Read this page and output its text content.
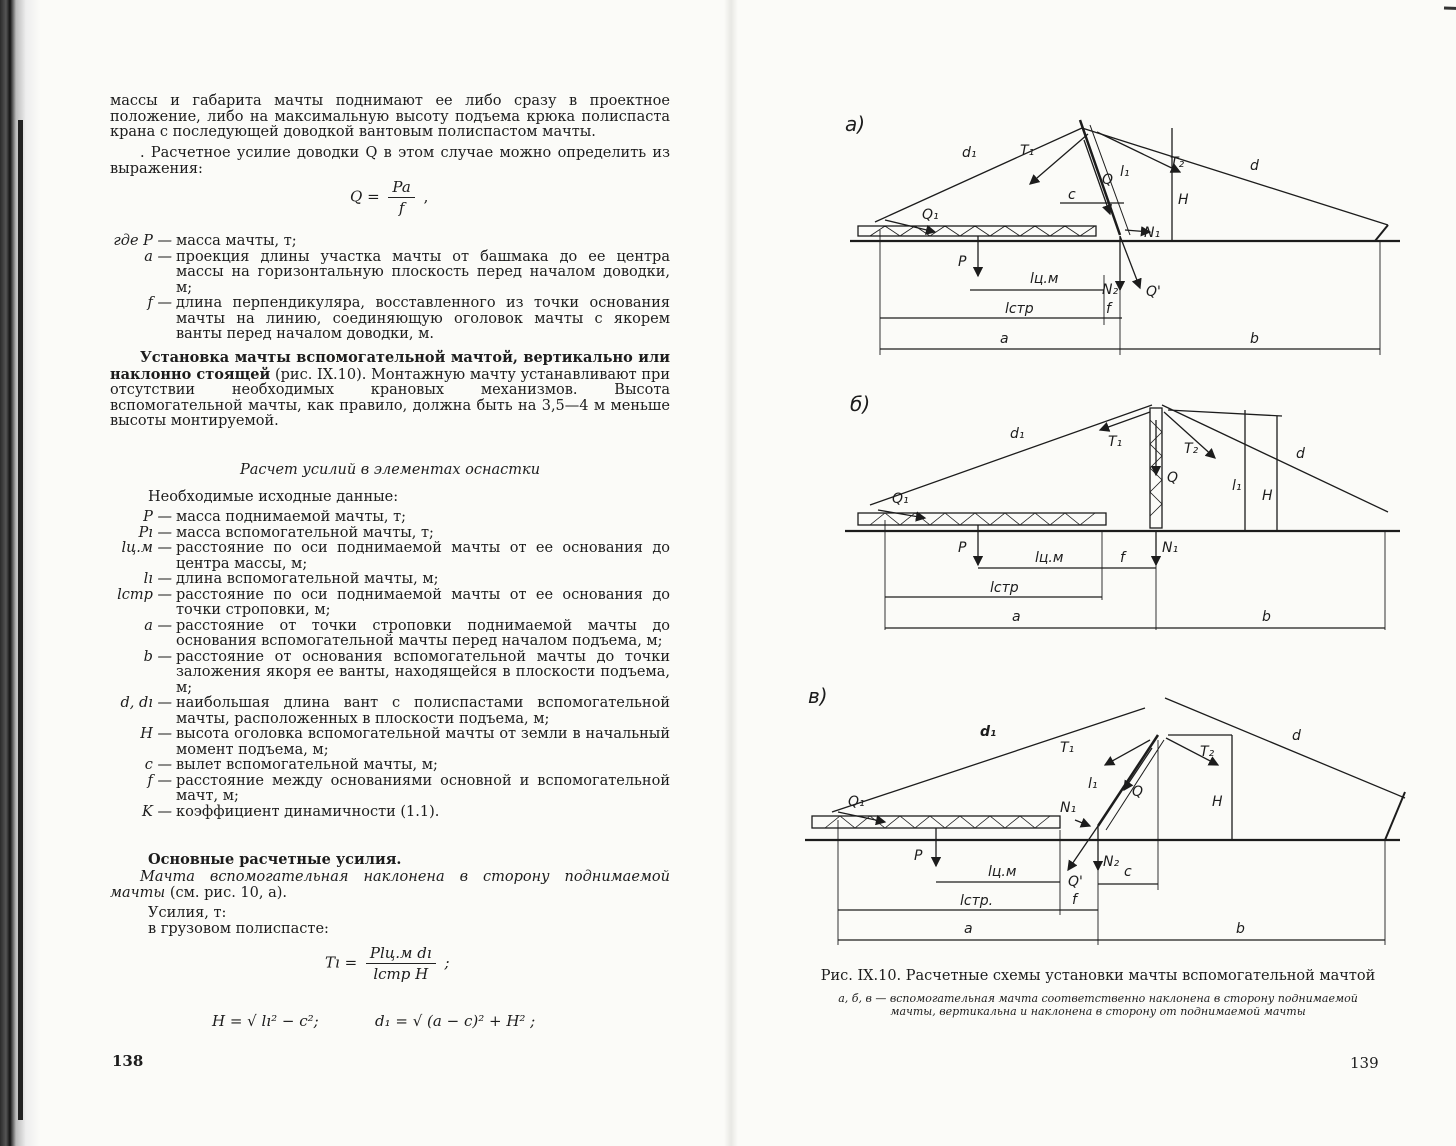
массы и габарита мачты поднимают ее либо сразу в проектное положение, либо на максимальную высоту подъема крюка полиспаста крана с последующей доводкой вантовым полиспастом мачты.
. Расчетное усилие доводки Q в этом случае можно определить из выражения:
$Q = \frac{Pa}{f}$ ,
где P — масса мачты, т;
a — проекция длины участка мачты от башмака до ее центра массы на горизонтальную плоскость перед началом доводки, м;
f — длина перпендикуляра, восставленного из точки основания мачты на линию, соединяющую оголовок мачты с якорем ванты перед началом доводки, м.
Установка мачты вспомогательной мачтой, вертикально или наклонно стоящей (рис. IX.10). Монтажную мачту устанавливают при отсутствии необходимых крановых механизмов. Высота вспомогательной мачты, как правило, должна быть на 3,5—4 м меньше высоты монтируемой.
Расчет усилий в элементах оснастки
Необходимые исходные данные:
P — масса поднимаемой мачты, т;
Pı — масса вспомогательной мачты, т;
lц.м — расстояние по оси поднимаемой мачты от ее основания до центра массы, м;
lı — длина вспомогательной мачты, м;
lстр — расстояние по оси поднимаемой мачты от ее основания до точки строповки, м;
a — расстояние от точки строповки поднимаемой мачты до основания вспомогательной мачты перед началом подъема, м;
b — расстояние от основания вспомогательной мачты до точки заложения якоря ее ванты, находящейся в плоскости подъема, м;
d, dı — наибольшая длина вант с полиспастами вспомогательной мачты, расположенных в плоскости подъема, м;
H — высота оголовка вспомогательной мачты от земли в начальный момент подъема, м;
c — вылет вспомогательной мачты, м;
f — расстояние между основаниями основной и вспомогательной мачт, м;
K — коэффициент динамичности (1.1).
Основные расчетные усилия.
Мачта вспомогательная наклонена в сторону поднимаемой мачты (см. рис. 10, а).
Усилия, т:
в грузовом полиспасте:
Tı = $\frac{\text{Plц.м dı}}{\text{lстр H}}$ ;
H = √ lı² − c²;	d₁ = √ (a − c)² + H² ;
138
а)
б)
в)
d₁	T₁
T₂	d
c
Q l₁
H
Q₁
N₁
P
lц.м
N₂ Q'
lстр	f
a	b
d₁	T₁	T₂	d
Q	l₁
H
Q₁
N₁
P
lц.м	f
lстр
a	b
d₁
T₁	T₂
d
Q
l₁
H
Q₁	N₁
P
lц.м
N₂
Q'
c
lстр.	f
a	b
Рис. IX.10. Расчетные схемы установки мачты вспомогательной мачтой
а, б, в — вспомогательная мачта соответственно наклонена в сторону поднимаемой мачты, вертикальна и наклонена в сторону от поднимаемой мачты
139
